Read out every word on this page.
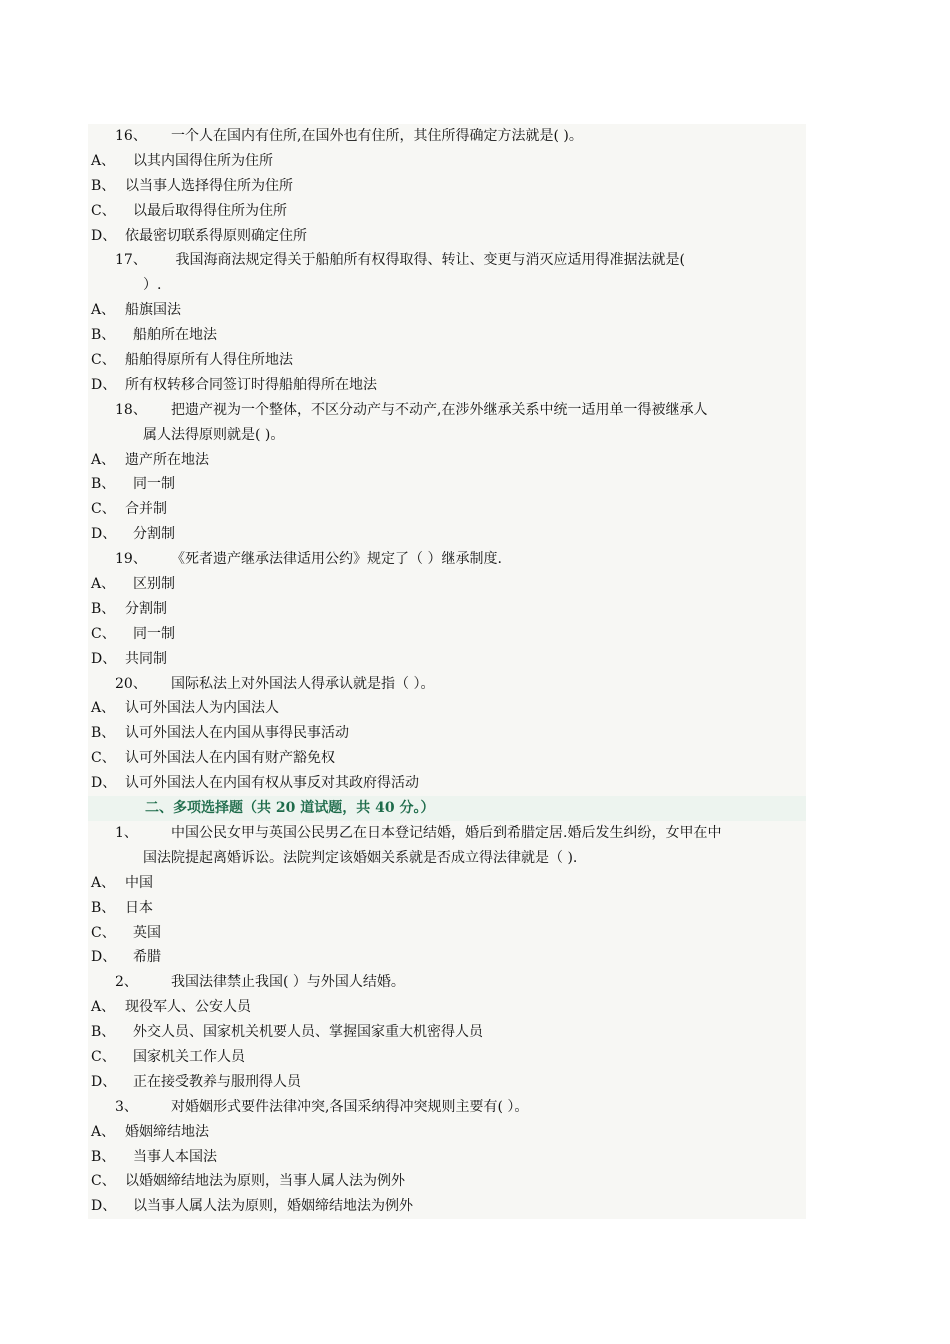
16、 一个人在国内有住所,在国外也有住所，其住所得确定方法就是( )。
A、 以其内国得住所为住所
B、 以当事人选择得住所为住所
C、 以最后取得得住所为住所
D、 依最密切联系得原则确定住所
17、 我国海商法规定得关于船舶所有权得取得、转让、变更与消灭应适用得准据法就是(
）.
A、 船旗国法
B、 船舶所在地法
C、 船舶得原所有人得住所地法
D、 所有权转移合同签订时得船舶得所在地法
18、 把遗产视为一个整体，不区分动产与不动产,在涉外继承关系中统一适用单一得被继承人
属人法得原则就是( )。
A、 遗产所在地法
B、 同一制
C、 合并制
D、 分割制
19、 《死者遗产继承法律适用公约》规定了（ ）继承制度.
A、 区别制
B、 分割制
C、 同一制
D、 共同制
20、 国际私法上对外国法人得承认就是指（ ）。
A、 认可外国法人为内国法人
B、 认可外国法人在内国从事得民事活动
C、 认可外国法人在内国有财产豁免权
D、 认可外国法人在内国有权从事反对其政府得活动
二、多项选择题（共 20 道试题，共 40 分。）
1、 中国公民女甲与英国公民男乙在日本登记结婚，婚后到希腊定居.婚后发生纠纷，女甲在中
国法院提起离婚诉讼。法院判定该婚姻关系就是否成立得法律就是（ ).
A、 中国
B、 日本
C、 英国
D、 希腊
2、 我国法律禁止我国( ）与外国人结婚。
A、 现役军人、公安人员
B、 外交人员、国家机关机要人员、掌握国家重大机密得人员
C、 国家机关工作人员
D、 正在接受教养与服刑得人员
3、 对婚姻形式要件法律冲突,各国采纳得冲突规则主要有( ）。
A、 婚姻缔结地法
B、 当事人本国法
C、 以婚姻缔结地法为原则，当事人属人法为例外
D、 以当事人属人法为原则，婚姻缔结地法为例外
